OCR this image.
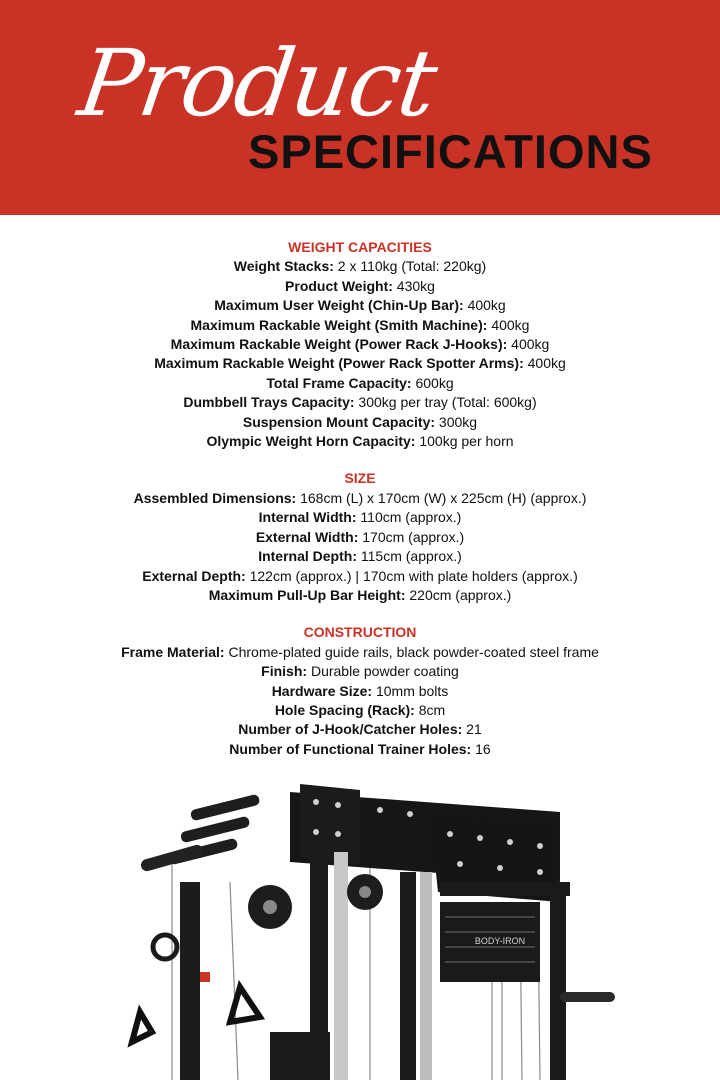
Product
SPECIFICATIONS
WEIGHT CAPACITIES
Weight Stacks: 2 x 110kg (Total: 220kg)
Product Weight: 430kg
Maximum User Weight (Chin-Up Bar): 400kg
Maximum Rackable Weight (Smith Machine): 400kg
Maximum Rackable Weight (Power Rack J-Hooks): 400kg
Maximum Rackable Weight (Power Rack Spotter Arms): 400kg
Total Frame Capacity: 600kg
Dumbbell Trays Capacity: 300kg per tray (Total: 600kg)
Suspension Mount Capacity: 300kg
Olympic Weight Horn Capacity: 100kg per horn
SIZE
Assembled Dimensions: 168cm (L) x 170cm (W) x 225cm (H) (approx.)
Internal Width: 110cm (approx.)
External Width: 170cm (approx.)
Internal Depth: 115cm (approx.)
External Depth: 122cm (approx.) | 170cm with plate holders (approx.)
Maximum Pull-Up Bar Height: 220cm (approx.)
CONSTRUCTION
Frame Material: Chrome-plated guide rails, black powder-coated steel frame
Finish: Durable powder coating
Hardware Size: 10mm bolts
Hole Spacing (Rack): 8cm
Number of J-Hook/Catcher Holes: 21
Number of Functional Trainer Holes: 16
BODY-IRON
